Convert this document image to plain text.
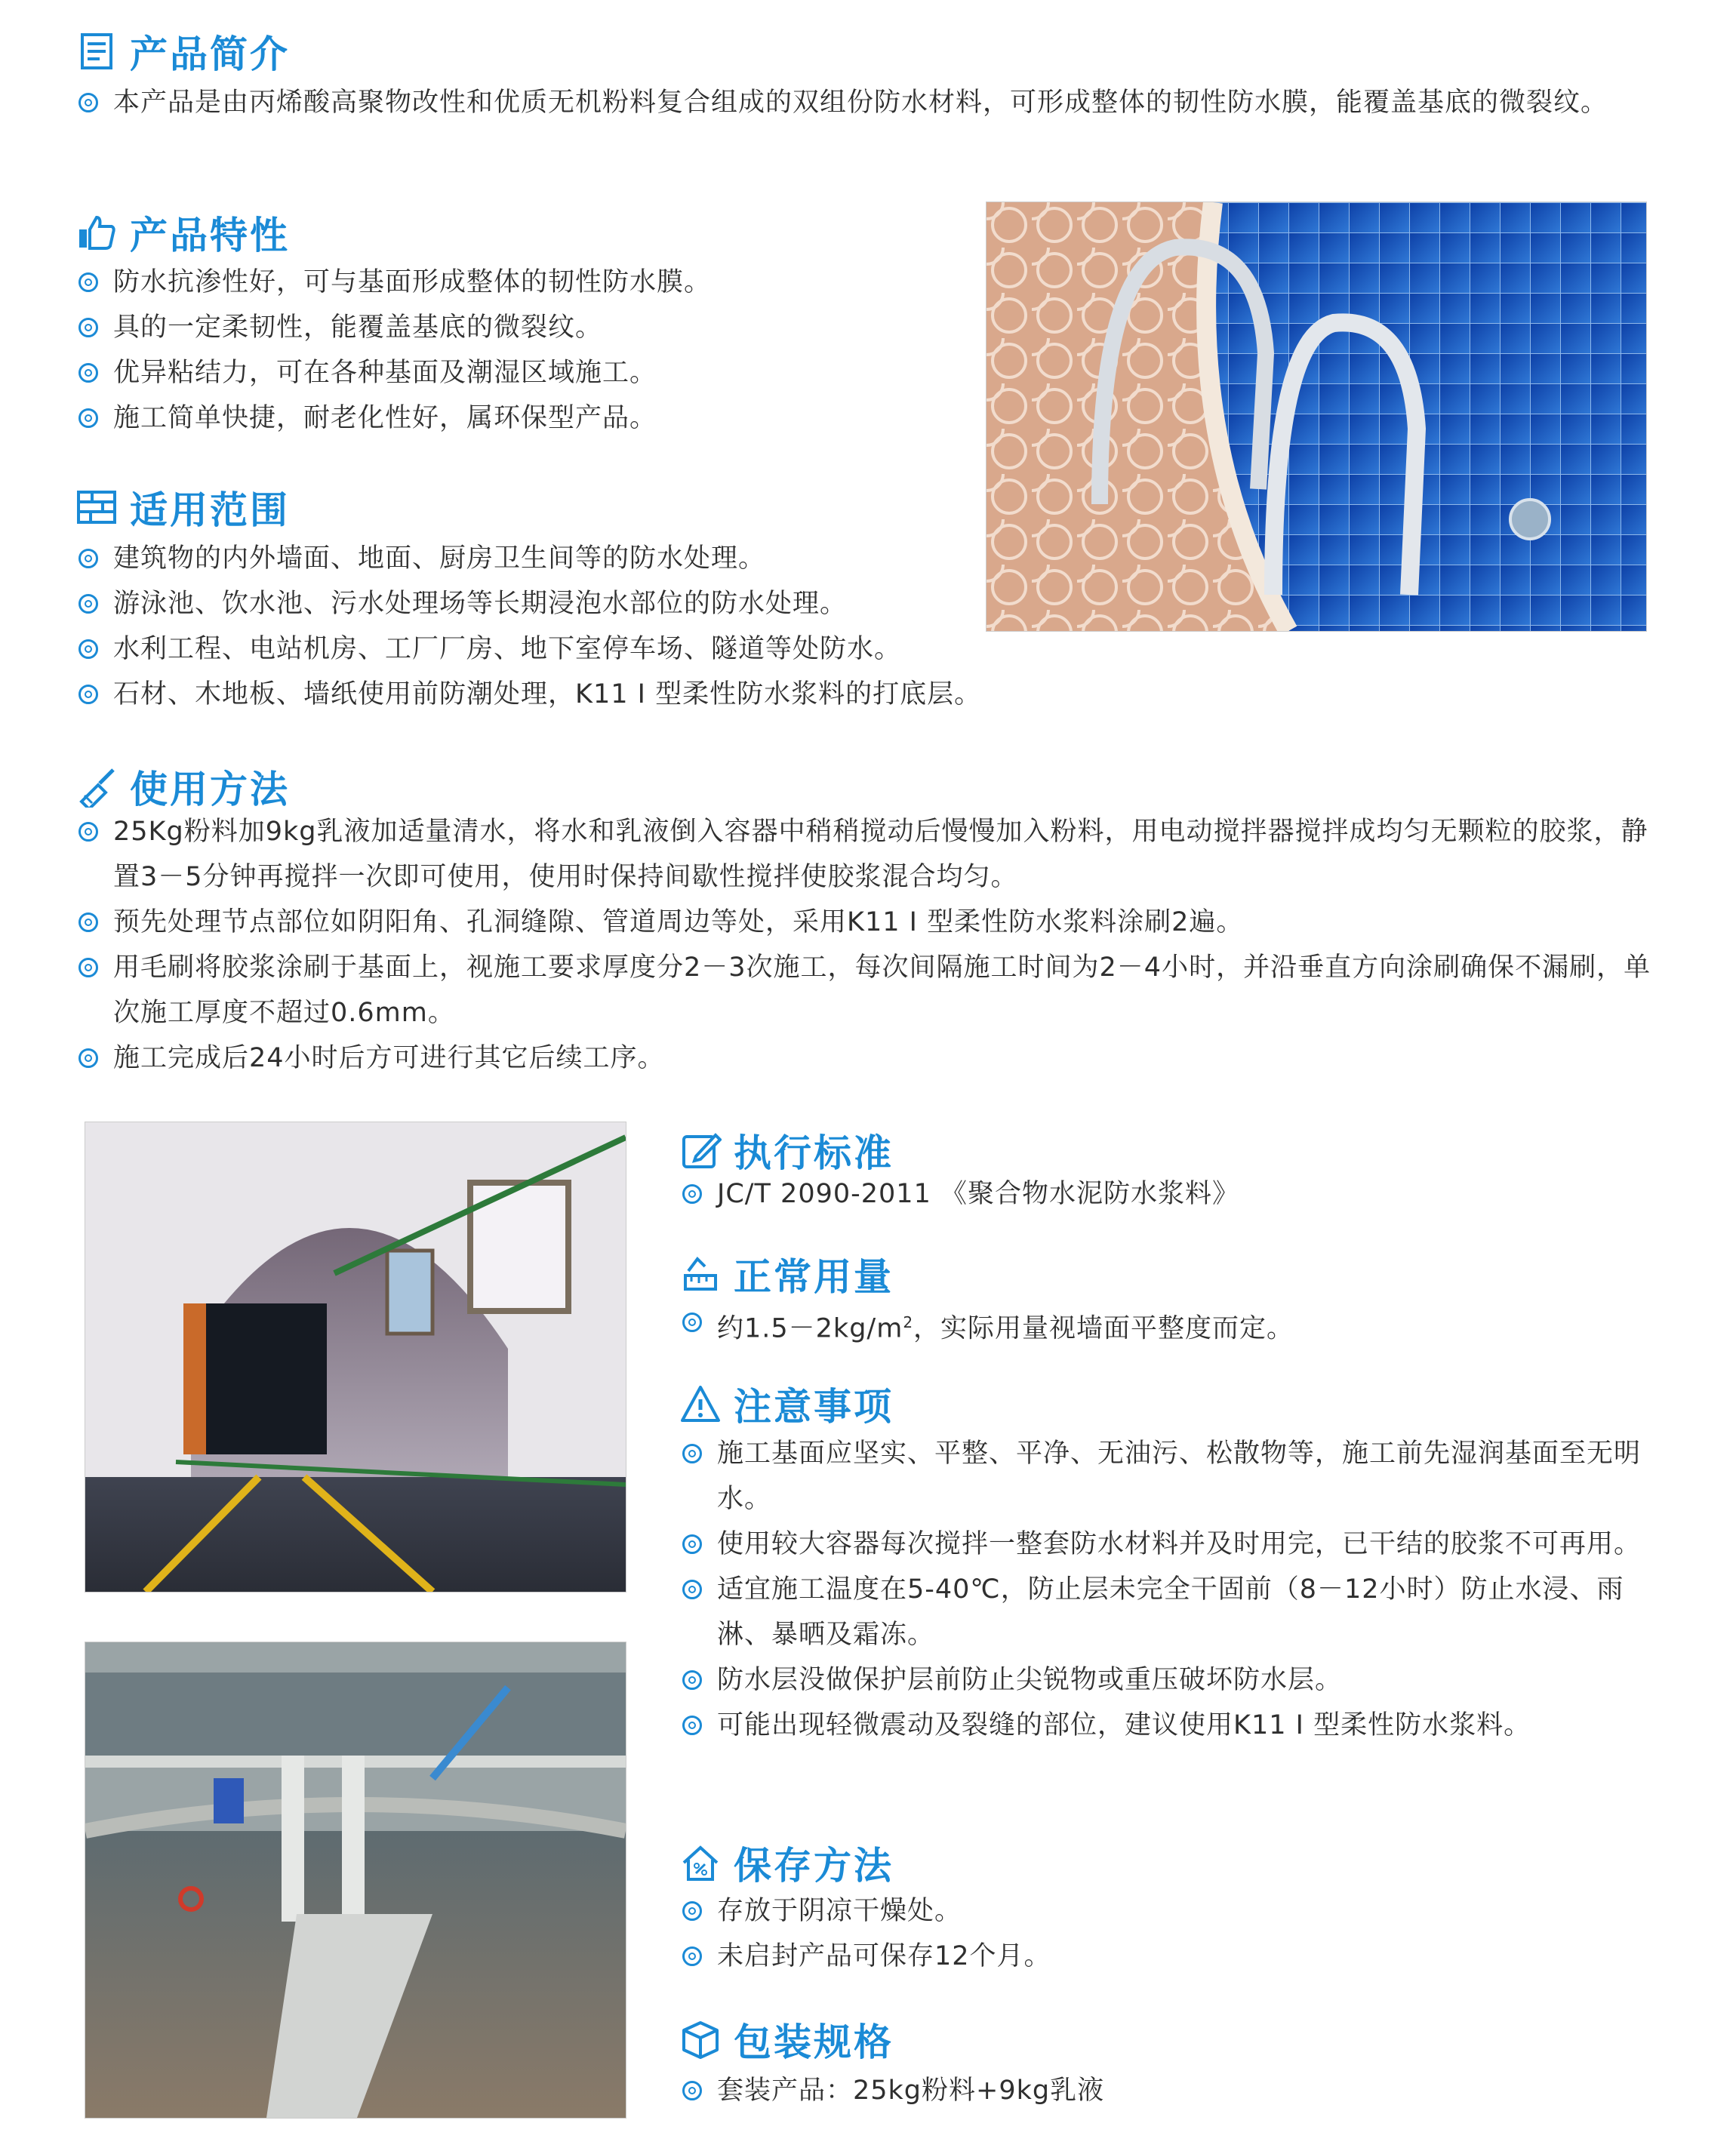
产品简介
本产品是由丙烯酸高聚物改性和优质无机粉料复合组成的双组份防水材料，可形成整体的韧性防水膜，能覆盖基底的微裂纹。
产品特性
防水抗渗性好，可与基面形成整体的韧性防水膜。
具的一定柔韧性，能覆盖基底的微裂纹。
优异粘结力，可在各种基面及潮湿区域施工。
施工简单快捷，耐老化性好，属环保型产品。
适用范围
建筑物的内外墙面、地面、厨房卫生间等的防水处理。
游泳池、饮水池、污水处理场等长期浸泡水部位的防水处理。
水利工程、电站机房、工厂厂房、地下室停车场、隧道等处防水。
石材、木地板、墙纸使用前防潮处理，K11 Ⅰ 型柔性防水浆料的打底层。
使用方法
25Kg粉料加9kg乳液加适量清水，将水和乳液倒入容器中稍稍搅动后慢慢加入粉料，用电动搅拌器搅拌成均匀无颗粒的胶浆，静置3－5分钟再搅拌一次即可使用，使用时保持间歇性搅拌使胶浆混合均匀。
预先处理节点部位如阴阳角、孔洞缝隙、管道周边等处，采用K11 Ⅰ 型柔性防水浆料涂刷2遍。
用毛刷将胶浆涂刷于基面上，视施工要求厚度分2－3次施工，每次间隔施工时间为2－4小时，并沿垂直方向涂刷确保不漏刷，单次施工厚度不超过0.6mm。
施工完成后24小时后方可进行其它后续工序。
执行标准
JC/T 2090-2011 《聚合物水泥防水浆料》
正常用量
约$1.5-2kg/m^2$，实际用量视墙面平整度而定。
注意事项
施工基面应坚实、平整、平净、无油污、松散物等，施工前先湿润基面至无明水。
使用较大容器每次搅拌一整套防水材料并及时用完，已干结的胶浆不可再用。
适宜施工温度在5-40℃，防止层未完全干固前（8－12小时）防止水浸、雨淋、暴晒及霜冻。
防水层没做保护层前防止尖锐物或重压破坏防水层。
可能出现轻微震动及裂缝的部位，建议使用K11 Ⅰ 型柔性防水浆料。
保存方法
存放于阴凉干燥处。
未启封产品可保存12个月。
包装规格
套装产品：25kg粉料+9kg乳液
